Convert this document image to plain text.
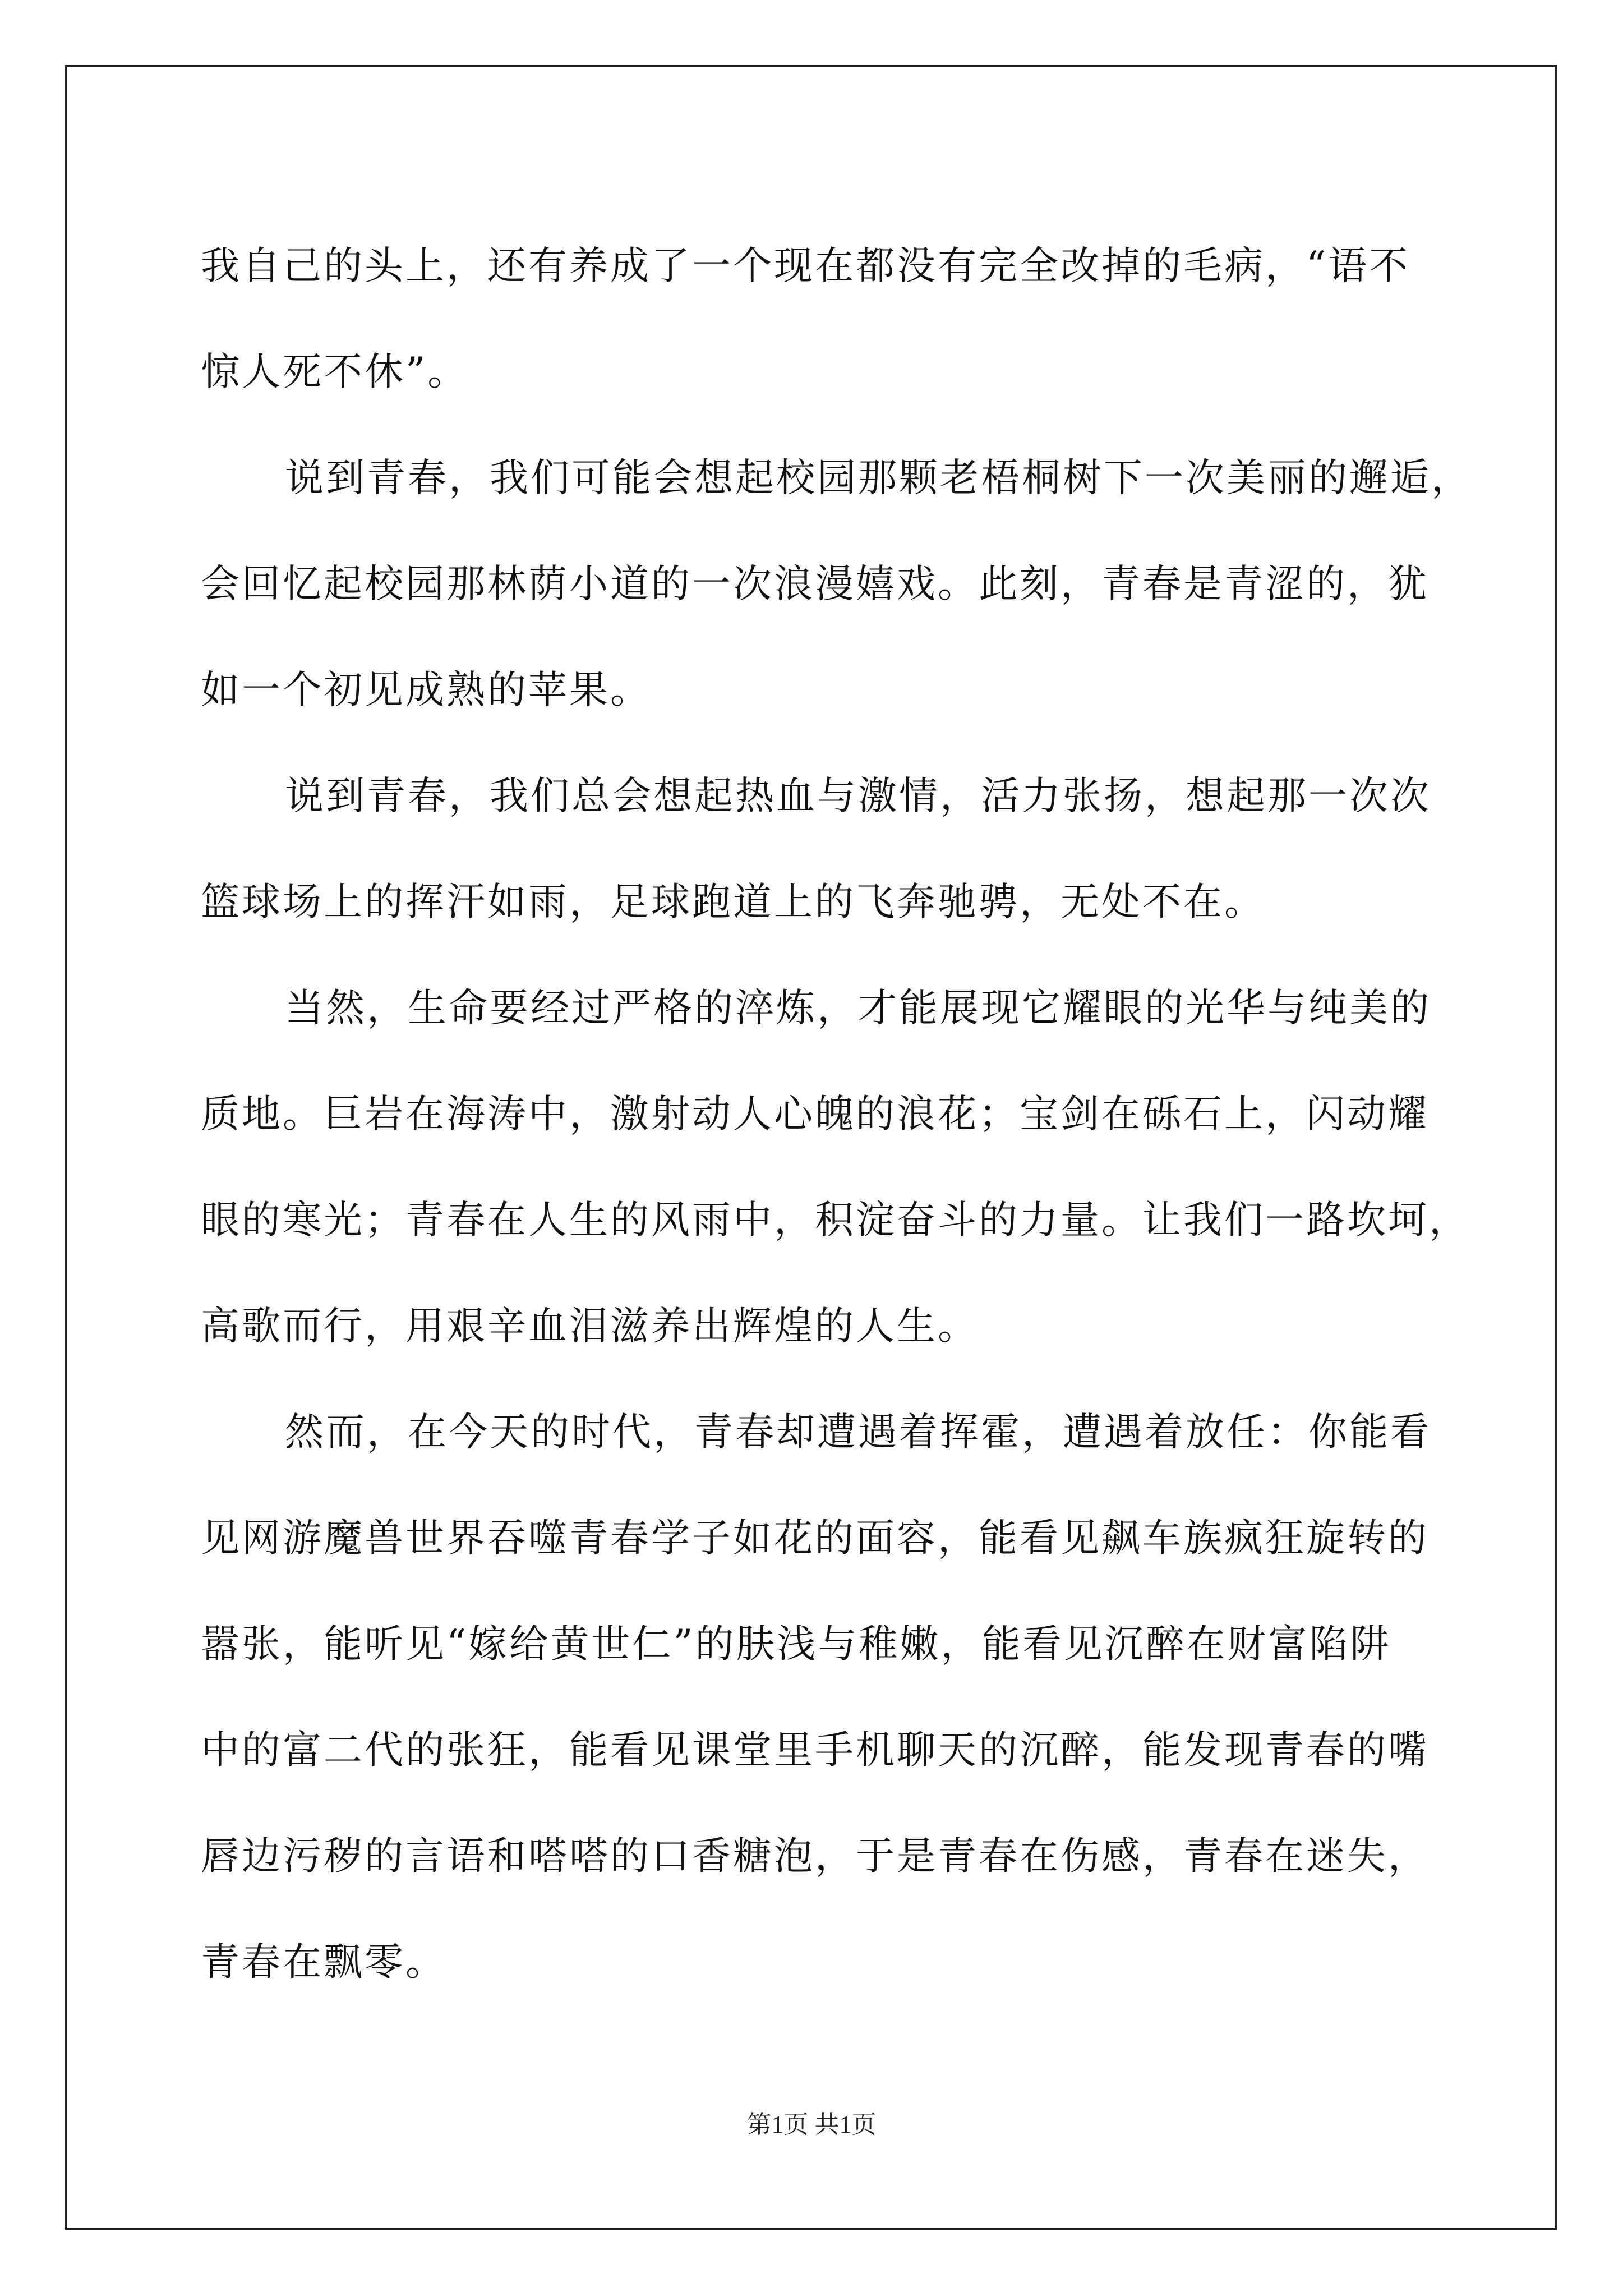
我自己的头上，还有养成了一个现在都没有完全改掉的毛病，“语不
惊人死不休”。

说到青春，我们可能会想起校园那颗老梧桐树下一次美丽的邂逅，
会回忆起校园那林荫小道的一次浪漫嬉戏。此刻，青春是青涩的，犹
如一个初见成熟的苹果。

说到青春，我们总会想起热血与激情，活力张扬，想起那一次次
篮球场上的挥汗如雨，足球跑道上的飞奔驰骋，无处不在。

当然，生命要经过严格的淬炼，才能展现它耀眼的光华与纯美的
质地。巨岩在海涛中，激射动人心魄的浪花；宝剑在砾石上，闪动耀
眼的寒光；青春在人生的风雨中，积淀奋斗的力量。让我们一路坎坷，
高歌而行，用艰辛血泪滋养出辉煌的人生。

然而，在今天的时代，青春却遭遇着挥霍，遭遇着放任：你能看
见网游魔兽世界吞噬青春学子如花的面容，能看见飙车族疯狂旋转的
嚣张，能听见“嫁给黄世仁”的肤浅与稚嫩，能看见沉醉在财富陷阱
中的富二代的张狂，能看见课堂里手机聊天的沉醉，能发现青春的嘴
唇边污秽的言语和嗒嗒的口香糖泡，于是青春在伤感，青春在迷失，
青春在飘零。

第1页 共1页
